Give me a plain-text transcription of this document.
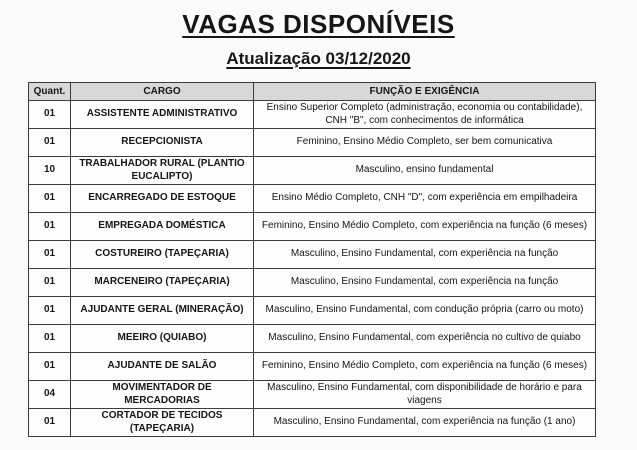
VAGAS DISPONÍVEIS
Atualização 03/12/2020
Quant.	CARGO	FUNÇÃO E EXIGÊNCIA
01	ASSISTENTE ADMINISTRATIVO	Ensino Superior Completo (administração, economia ou contabilidade), CNH "B", com conhecimentos de informática
01	RECEPCIONISTA	Feminino, Ensino Médio Completo, ser bem comunicativa
10	TRABALHADOR RURAL (PLANTIO EUCALIPTO)	Masculino, ensino fundamental
01	ENCARREGADO DE ESTOQUE	Ensino Médio Completo, CNH "D", com experiência em empilhadeira
01	EMPREGADA DOMÉSTICA	Feminino, Ensino Médio Completo, com experiência na função (6 meses)
01	COSTUREIRO (TAPEÇARIA)	Masculino, Ensino Fundamental, com experiência na função
01	MARCENEIRO (TAPEÇARIA)	Masculino, Ensino Fundamental, com experiência na função
01	AJUDANTE GERAL (MINERAÇÃO)	Masculino, Ensino Fundamental, com condução própria (carro ou moto)
01	MEEIRO (QUIABO)	Masculino, Ensino Fundamental, com experiência no cultivo de quiabo
01	AJUDANTE DE SALÃO	Feminino, Ensino Médio Completo, com experiência na função (6 meses)
04	MOVIMENTADOR DE MERCADORIAS	Masculino, Ensino Fundamental, com disponibilidade de horário e para viagens
01	CORTADOR DE TECIDOS (TAPEÇARIA)	Masculino, Ensino Fundamental, com experiência na função (1 ano)
